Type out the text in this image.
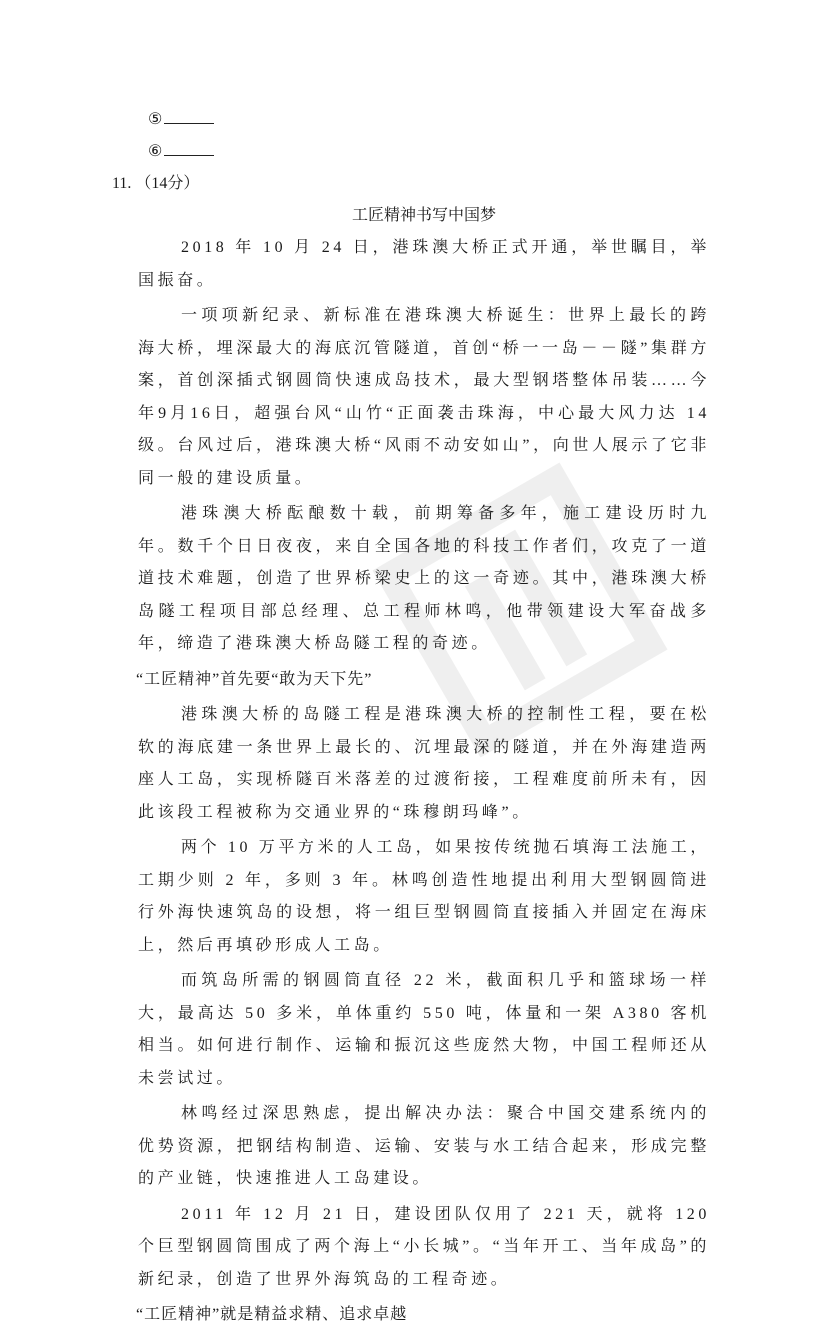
⑤
⑥
11. （14分）
工匠精神书写中国梦

2018 年 10 月 24 日，港珠澳大桥正式开通，举世瞩目，举国振奋。

一项项新纪录、新标准在港珠澳大桥诞生：世界上最长的跨海大桥，埋深最大的海底沉管隧道，首创“桥一一岛－－隧”集群方案，首创深插式钢圆筒快速成岛技术，最大型钢塔整体吊装……今年9月16日，超强台风“山竹“正面袭击珠海，中心最大风力达 14 级。台风过后，港珠澳大桥“风雨不动安如山”，向世人展示了它非同一般的建设质量。

港珠澳大桥酝酿数十载，前期筹备多年，施工建设历时九年。数千个日日夜夜，来自全国各地的科技工作者们，攻克了一道道技术难题，创造了世界桥梁史上的这一奇迹。其中，港珠澳大桥岛隧工程项目部总经理、总工程师林鸣，他带领建设大军奋战多年，缔造了港珠澳大桥岛隧工程的奇迹。

“工匠精神”首先要“敢为天下先”

港珠澳大桥的岛隧工程是港珠澳大桥的控制性工程，要在松软的海底建一条世界上最长的、沉埋最深的隧道，并在外海建造两座人工岛，实现桥隧百米落差的过渡衔接，工程难度前所未有，因此该段工程被称为交通业界的“珠穆朗玛峰”。

两个 10 万平方米的人工岛，如果按传统抛石填海工法施工，工期少则 2 年，多则 3 年。林鸣创造性地提出利用大型钢圆筒进行外海快速筑岛的设想，将一组巨型钢圆筒直接插入并固定在海床上，然后再填砂形成人工岛。

而筑岛所需的钢圆筒直径 22 米，截面积几乎和篮球场一样大，最高达 50 多米，单体重约 550 吨，体量和一架 A380 客机相当。如何进行制作、运输和振沉这些庞然大物，中国工程师还从未尝试过。

林鸣经过深思熟虑，提出解决办法：聚合中国交建系统内的优势资源，把钢结构制造、运输、安装与水工结合起来，形成完整的产业链，快速推进人工岛建设。

2011 年 12 月 21 日，建设团队仅用了 221 天，就将 120 个巨型钢圆筒围成了两个海上“小长城”。“当年开工、当年成岛”的新纪录，创造了世界外海筑岛的工程奇迹。

“工匠精神”就是精益求精、追求卓越
